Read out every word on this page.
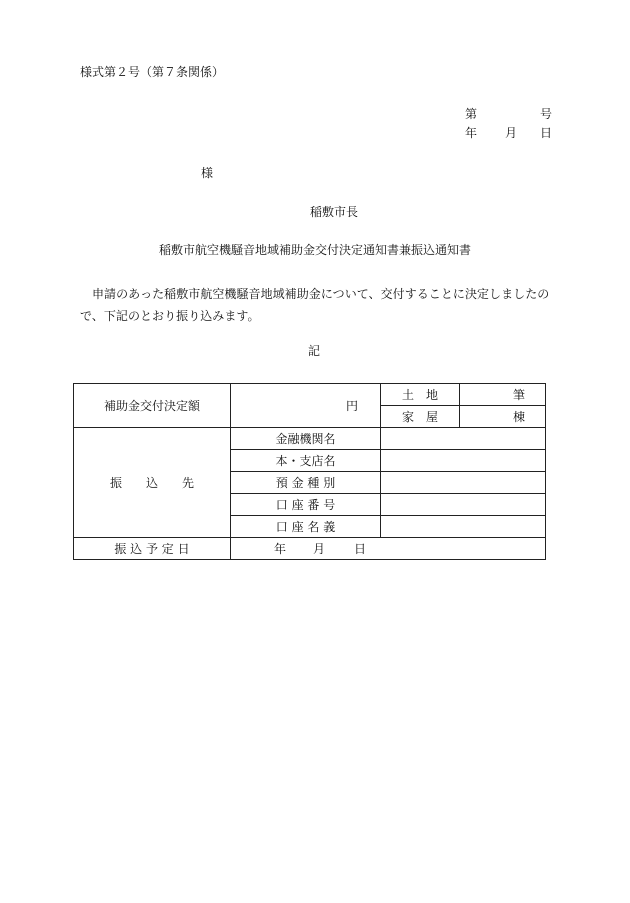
様式第２号（第７条関係）
第	号
年 月 日
様
稲敷市長
稲敷市航空機騒音地域補助金交付決定通知書兼振込通知書
申請のあった稲敷市航空機騒音地域補助金について、交付することに決定しましたので、下記のとおり振り込みます。
記
補助金交付決定額	円	土　地	筆
		家　屋	棟
振　　込　　先	金融機関名		
	本・支店名		
	預 金 種 別		
	口 座 番 号		
	口 座 名 義		
振 込 予 定 日	年 月 日		
